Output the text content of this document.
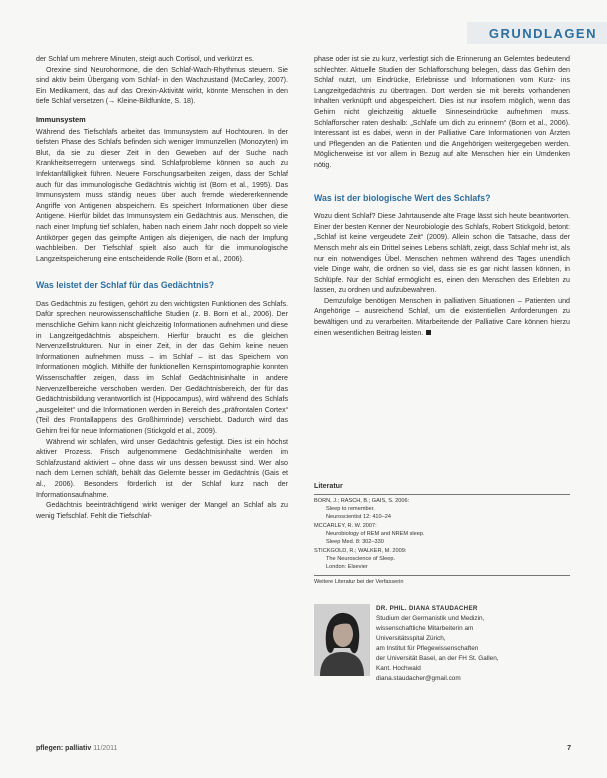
GRUNDLAGEN

der Schlaf um mehrere Minuten, steigt auch Cortisol, und verkürzt es.

Orexine sind Neurohormone, die den Schlaf-Wach-Rhythmus steuern. Sie sind aktiv beim Übergang vom Schlaf- in den Wachzustand (McCarley, 2007). Ein Medikament, das auf das Orexin-Aktivität wirkt, könnte Menschen in den tiefe Schlaf versetzen (→ Kleine-Bildfunkte, S. 18).

Immunsystem

Während des Tiefschlafs arbeitet das Immunsystem auf Hochtouren. In der tiefsten Phase des Schlafs befinden sich weniger Immunzellen (Monozyten) im Blut, da sie zu dieser Zeit in den Geweben auf der Suche nach Krankheitserregern unterwegs sind. Schlafprobleme können so auch zu Infektanfälligkeit führen. Neuere Forschungsarbeiten zeigen, dass der Schlaf auch für das immunologische Gedächtnis wichtig ist (Born et al., 1995). Das Immunsystem muss ständig neues über auch fremde wiedererkennende Angriffe von Antigenen abspeichern. Es speichert Informationen über diese Antigene. Hierfür bildet das Immunsystem ein Gedächtnis aus. Menschen, die nach einer Impfung tief schlafen, haben nach einem Jahr noch doppelt so viele Antikörper gegen das geimpfte Antigen als diejenigen, die nach der Impfung wachbleiben. Der Tiefschlaf spielt also auch für die immunologische Langzeitspeicherung eine entscheidende Rolle (Born et al., 2006).

Was leistet der Schlaf für das Gedächtnis?

Das Gedächtnis zu festigen, gehört zu den wichtigsten Funktionen des Schlafs. Dafür sprechen neurowissenschaftliche Studien (z. B. Born et al., 2006). Der menschliche Gehirn kann nicht gleichzeitig Informationen aufnehmen und diese in Langzeitgedächtnis abspeichern. Hierfür braucht es die gleichen Nervenzellstrukturen. Nur in einer Zeit, in der das Gehirn keine neuen Informationen aufnehmen muss – im Schlaf – ist das Speichern von Informationen möglich. Mithilfe der funktionellen Kernspintomographie konnten Wissenschaftler zeigen, dass im Schlaf Gedächtnisinhalte in andere Nervenzellbereiche verschoben werden. Der Gedächtnisbereich, der für das Gedächtnisbildung verantwortlich ist (Hippocampus), wird während des Schlafs „ausgeleitet“ und die Informationen werden in Bereich des „präfrontalen Cortex“ (Teil des Frontallappens des Großhirnrinde) verschiebt. Dadurch wird das Gehirn frei für neue Informationen (Stickgold et al., 2009).

Während wir schlafen, wird unser Gedächtnis gefestigt. Dies ist ein höchst aktiver Prozess. Frisch aufgenommene Gedächtnisinhalte werden im Schlafzustand aktiviert – ohne dass wir uns dessen bewusst sind. Wer also nach dem Lernen schläft, behält das Gelernte besser im Gedächtnis (Gais et al., 2006). Besonders förderlich ist der Schlaf kurz nach der Informationsaufnahme.

Gedächtnis beeinträchtigend wirkt weniger der Mangel an Schlaf als zu wenig Tiefschlaf. Fehlt die Tiefschlaf-

phase oder ist sie zu kurz, verfestigt sich die Erinnerung an Gelerntes bedeutend schlechter. Aktuelle Studien der Schlafforschung belegen, dass das Gehirn den Schlaf nutzt, um Eindrücke, Erlebnisse und Informationen vom Kurz- ins Langzeitgedächtnis zu übertragen. Dort werden sie mit bereits vorhandenen Inhalten verknüpft und abgespeichert. Dies ist nur insofern möglich, wenn das Gehirn nicht gleichzeitig aktuelle Sinneseindrücke aufnehmen muss. Schlafforscher raten deshalb: „Schlafe um dich zu erinnern“ (Born et al., 2006). Interessant ist es dabei, wenn in der Palliative Care Informationen von Ärzten und Pflegenden an die Patienten und die Angehörigen weitergegeben werden. Möglicherweise ist vor allem in Bezug auf alte Menschen hier ein Umdenken nötig.

Was ist der biologische Wert des Schlafs?

Wozu dient Schlaf? Diese Jahrtausende alte Frage lässt sich heute beantworten. Einer der besten Kenner der Neurobiologie des Schlafs, Robert Stickgold, betont: „Schlaf ist keine vergeudete Zeit“ (2009). Allein schon die Tatsache, dass der Mensch mehr als ein Drittel seines Lebens schläft, zeigt, dass Schlaf mehr ist, als nur ein notwendiges Übel. Menschen nehmen während des Tages unendlich viele Dinge wahr, die ordnen so viel, dass sie es gar nicht lassen können, in Schlüpfe. Nur der Schlaf ermöglicht es, einen den Menschen des Erlebten zu lassen, zu ordnen und aufzubewahren.

Demzufolge benötigen Menschen in palliativen Situationen – Patienten und Angehörige – ausreichend Schlaf, um die existentiellen Anforderungen zu bewältigen und zu verarbeiten. Mitarbeitende der Palliative Care können hierzu einen wesentlichen Beitrag leisten.

Literatur
BORN, J.; RASCH, B.; GAIS, S. 2006:
Sleep to remember.
Neuroscientist 12: 410–24
MCCARLEY, R. W. 2007:
Neurobiology of REM and NREM sleep.
Sleep Med. 8: 302–330
STICKGOLD, R.; WALKER, M. 2009:
The Neuroscience of Sleep.
London: Elsevier
Weitere Literatur bei der Verfasserin
DR. PHIL. DIANA STAUDACHER
Studium der Germanistik und Medizin,
wissenschaftliche Mitarbeiterin am
Universitätsspital Zürich,
am Institut für Pflegewissenschaften
der Universität Basel, an der FH St. Gallen,
Kant. Hochwald
diana.staudacher@gmail.com
pflegen: palliativ 11/2011	7
